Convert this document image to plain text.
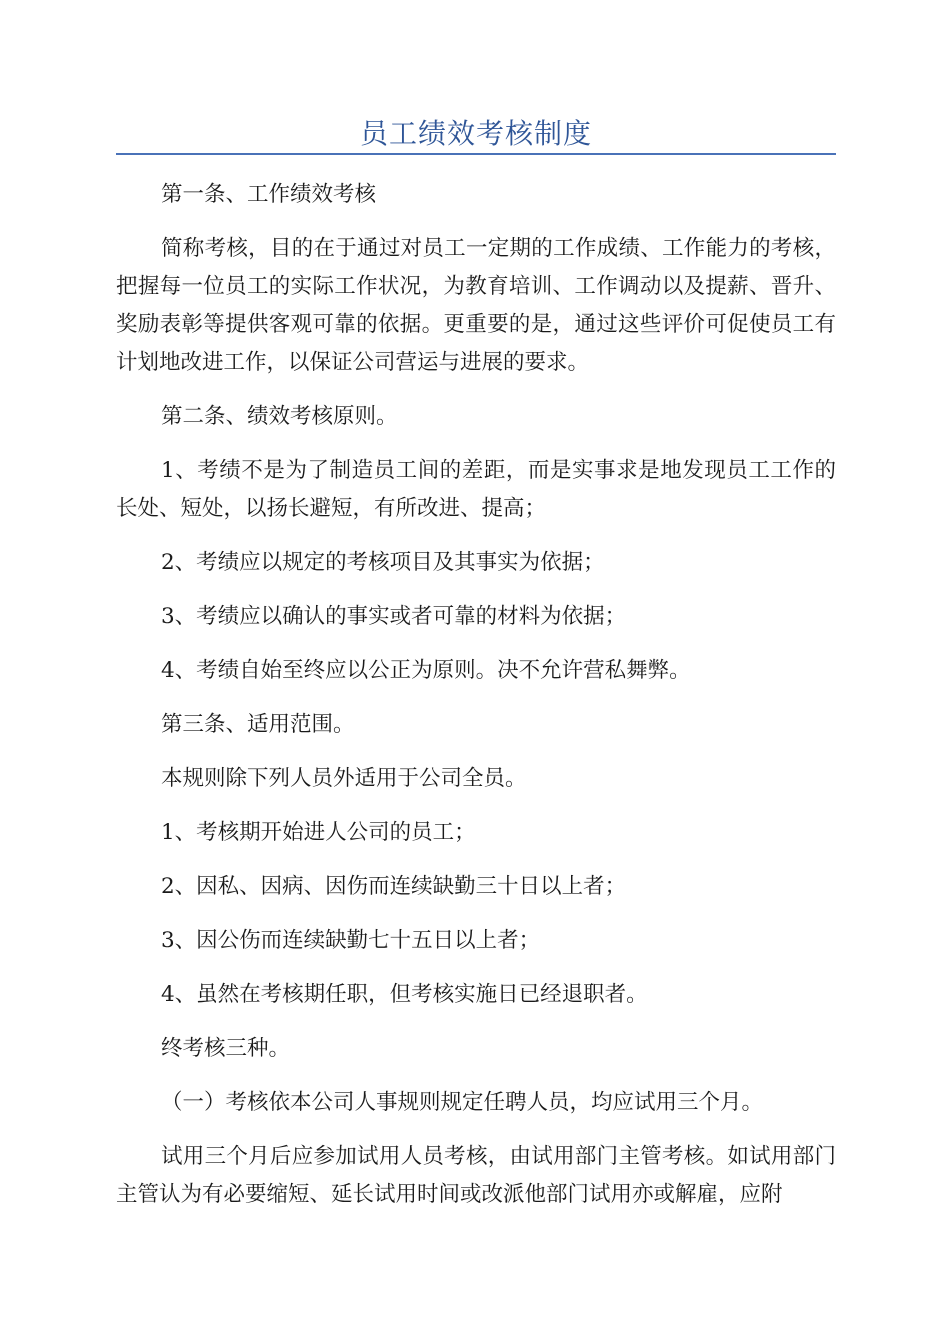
员工绩效考核制度

第一条、工作绩效考核

简称考核，目的在于通过对员工一定期的工作成绩、工作能力的考核，把握每一位员工的实际工作状况，为教育培训、工作调动以及提薪、晋升、奖励表彰等提供客观可靠的依据。更重要的是，通过这些评价可促使员工有计划地改进工作，以保证公司营运与进展的要求。

第二条、绩效考核原则。

1、考绩不是为了制造员工间的差距，而是实事求是地发现员工工作的长处、短处，以扬长避短，有所改进、提高；

2、考绩应以规定的考核项目及其事实为依据；

3、考绩应以确认的事实或者可靠的材料为依据；

4、考绩自始至终应以公正为原则。决不允许营私舞弊。

第三条、适用范围。

本规则除下列人员外适用于公司全员。

1、考核期开始进人公司的员工；

2、因私、因病、因伤而连续缺勤三十日以上者；

3、因公伤而连续缺勤七十五日以上者；

4、虽然在考核期任职，但考核实施日已经退职者。

终考核三种。

（一）考核依本公司人事规则规定任聘人员，均应试用三个月。

试用三个月后应参加试用人员考核，由试用部门主管考核。如试用部门主管认为有必要缩短、延长试用时间或改派他部门试用亦或解雇，应附
